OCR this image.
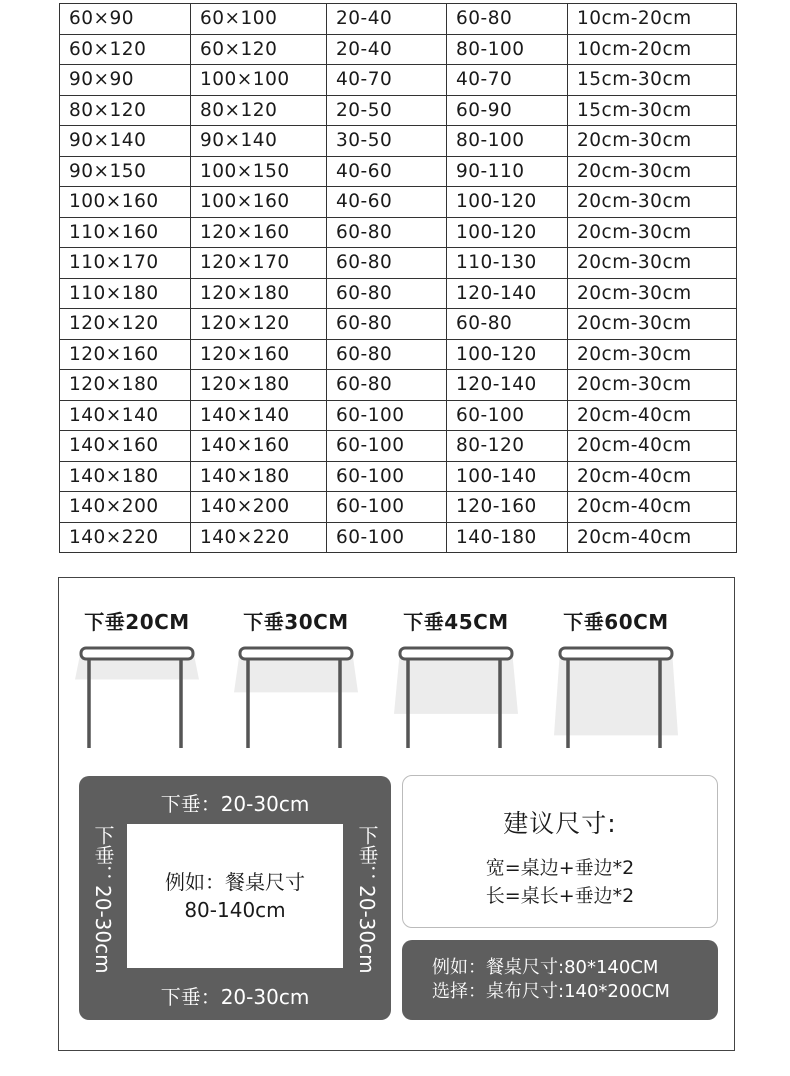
60×90	60×100	20-40	60-80	10cm-20cm
60×120	60×120	20-40	80-100	10cm-20cm
90×90	100×100	40-70	40-70	15cm-30cm
80×120	80×120	20-50	60-90	15cm-30cm
90×140	90×140	30-50	80-100	20cm-30cm
90×150	100×150	40-60	90-110	20cm-30cm
100×160	100×160	40-60	100-120	20cm-30cm
110×160	120×160	60-80	100-120	20cm-30cm
110×170	120×170	60-80	110-130	20cm-30cm
110×180	120×180	60-80	120-140	20cm-30cm
120×120	120×120	60-80	60-80	20cm-30cm
120×160	120×160	60-80	100-120	20cm-30cm
120×180	120×180	60-80	120-140	20cm-30cm
140×140	140×140	60-100	60-100	20cm-40cm
140×160	140×160	60-100	80-120	20cm-40cm
140×180	140×180	60-100	100-140	20cm-40cm
140×200	140×200	60-100	120-160	20cm-40cm
140×220	140×220	60-100	140-180	20cm-40cm
下垂20CM	下垂30CM	下垂45CM	下垂60CM
下垂：20-30cm
下垂：20-30cm	下垂：20-30cm
例如：餐桌尺寸
80-140cm
下垂：20-30cm
建议尺寸:
宽=桌边+垂边*2
长=桌长+垂边*2
例如：餐桌尺寸:80*140CM
选择：桌布尺寸:140*200CM
